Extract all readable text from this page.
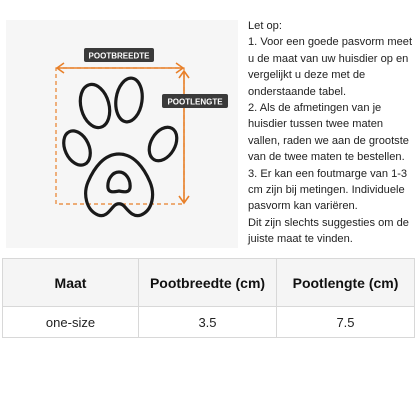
POOTBREEDTE
POOTLENGTE

Let op:

1. Voor een goede pasvorm meet u de maat van uw huisdier op en vergelijkt u deze met de onderstaande tabel.

2. Als de afmetingen van je huisdier tussen twee maten vallen, raden we aan de grootste van de twee maten te bestellen.

3. Er kan een foutmarge van 1-3 cm zijn bij metingen. Individuele pasvorm kan variëren.

Dit zijn slechts suggesties om de juiste maat te vinden.

Maat	Pootbreedte (cm)	Pootlengte (cm)
one-size	3.5	7.5
